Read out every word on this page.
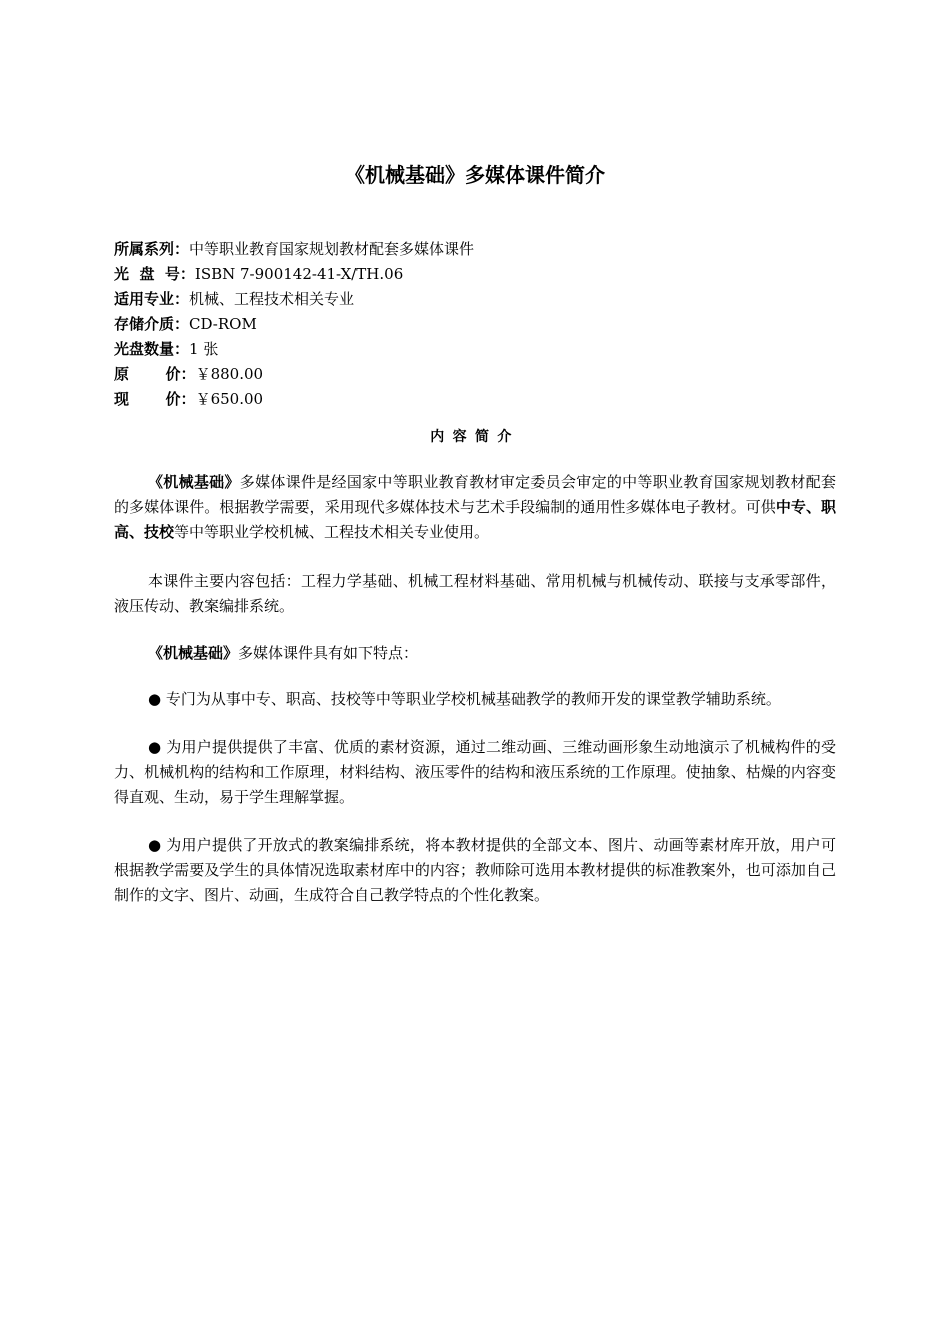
《机械基础》多媒体课件简介
所属系列：中等职业教育国家规划教材配套多媒体课件
光  盘  号：ISBN 7-900142-41-X/TH.06
适用专业：机械、工程技术相关专业
存储介质：CD-ROM
光盘数量：1 张
原       价：￥880.00
现       价：￥650.00
内容简介

《机械基础》多媒体课件是经国家中等职业教育教材审定委员会审定的中等职业教育国家规划教材配套的多媒体课件。根据教学需要，采用现代多媒体技术与艺术手段编制的通用性多媒体电子教材。可供中专、职高、技校等中等职业学校机械、工程技术相关专业使用。

本课件主要内容包括：工程力学基础、机械工程材料基础、常用机械与机械传动、联接与支承零部件，液压传动、教案编排系统。

《机械基础》多媒体课件具有如下特点：

● 专门为从事中专、职高、技校等中等职业学校机械基础教学的教师开发的课堂教学辅助系统。

● 为用户提供提供了丰富、优质的素材资源，通过二维动画、三维动画形象生动地演示了机械构件的受力、机械机构的结构和工作原理，材料结构、液压零件的结构和液压系统的工作原理。使抽象、枯燥的内容变得直观、生动，易于学生理解掌握。

● 为用户提供了开放式的教案编排系统，将本教材提供的全部文本、图片、动画等素材库开放，用户可根据教学需要及学生的具体情况选取素材库中的内容；教师除可选用本教材提供的标准教案外，也可添加自己制作的文字、图片、动画，生成符合自己教学特点的个性化教案。
